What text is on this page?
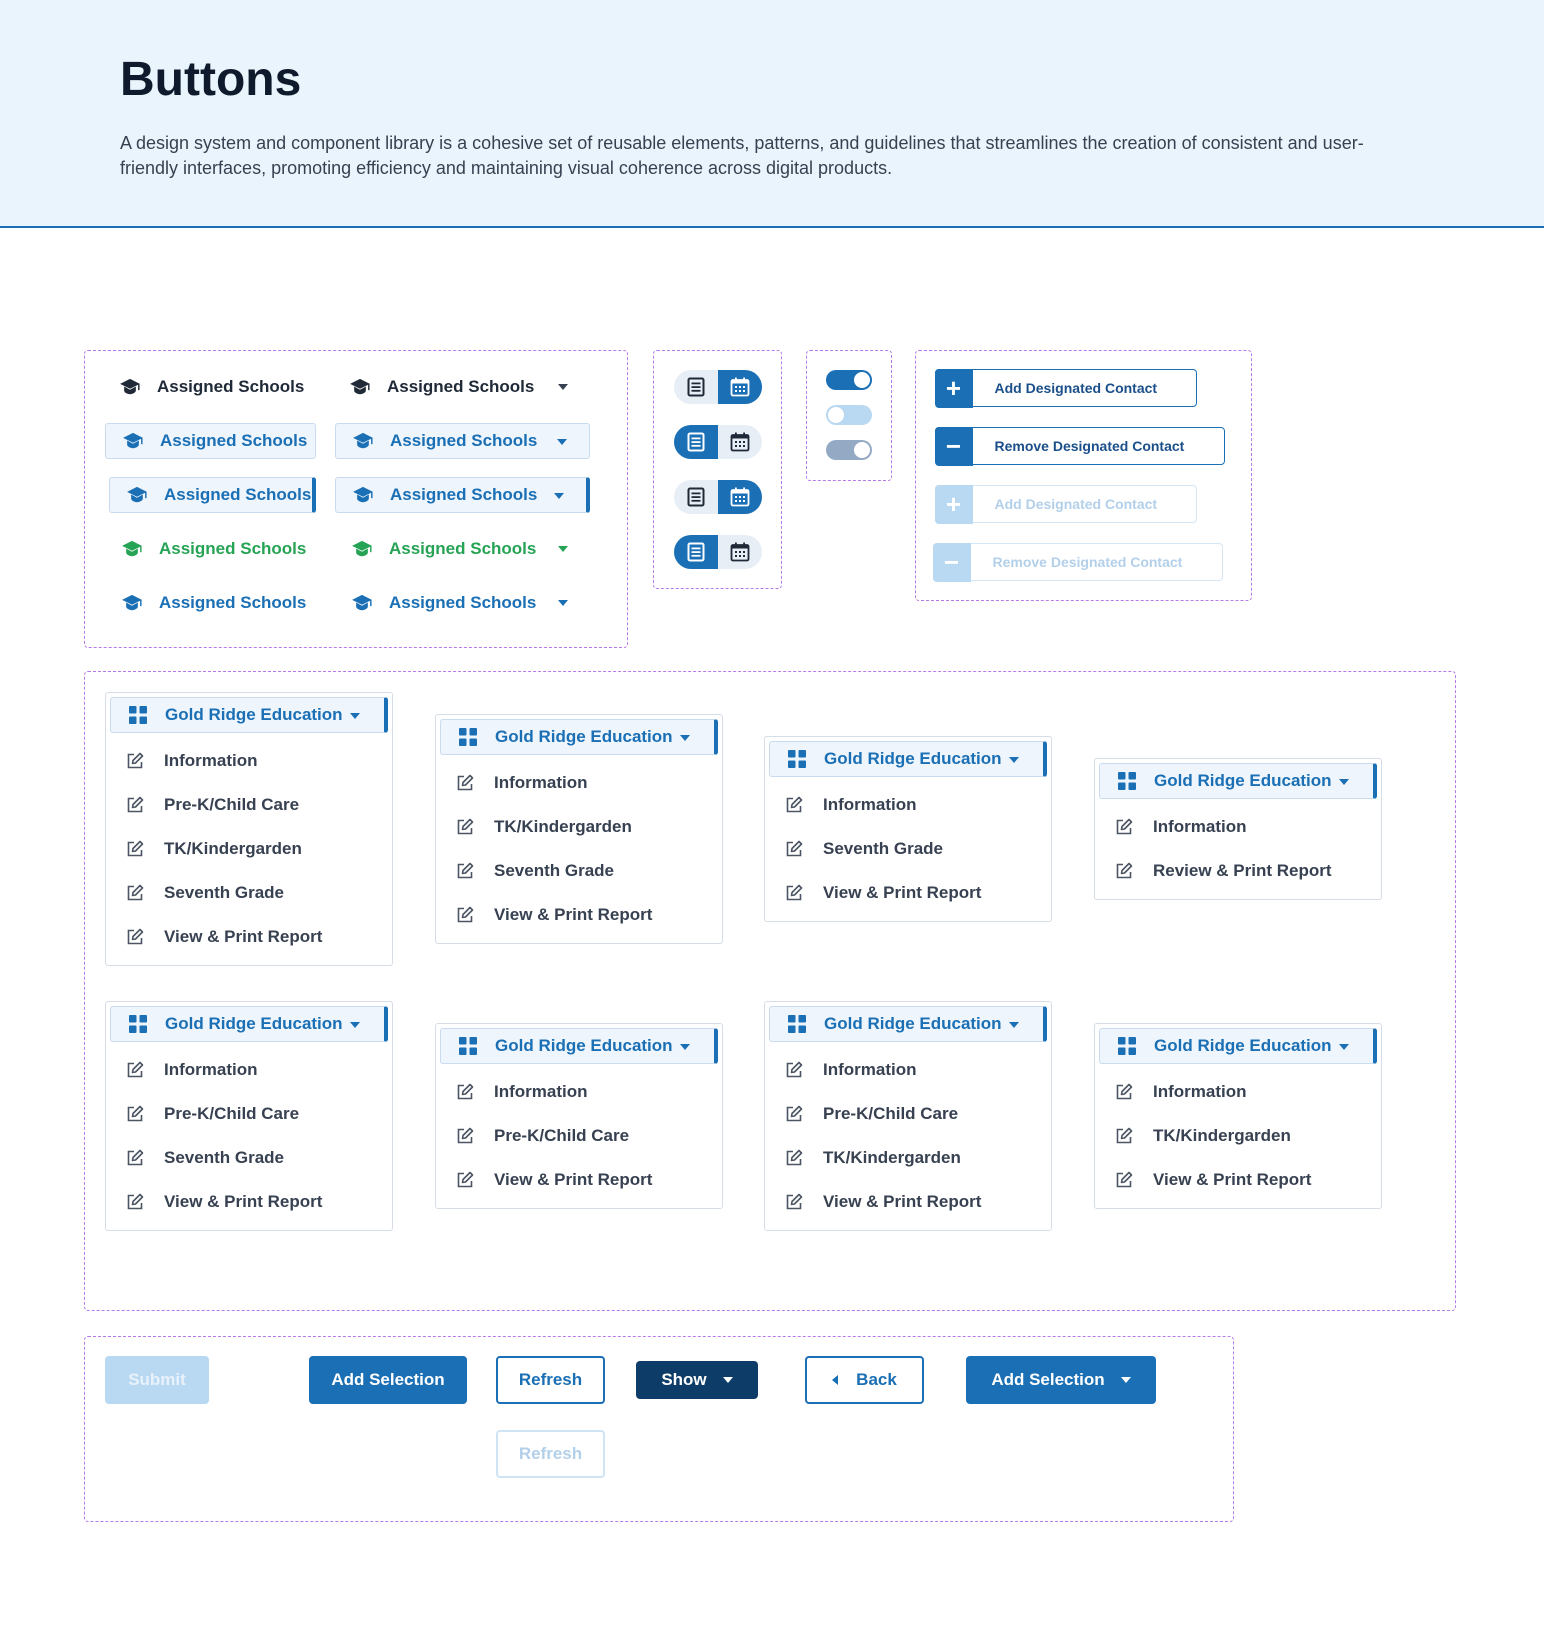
Buttons

A design system and component library is a cohesive set of reusable elements, patterns, and guidelines that streamlines the creation of consistent and user-friendly interfaces, promoting efficiency and maintaining visual coherence across digital products.

Assigned Schools	Assigned Schools
Assigned Schools	Assigned Schools
Assigned Schools	Assigned Schools
Assigned Schools	Assigned Schools
Assigned Schools	Assigned Schools
+	Add Designated Contact
−	Remove Designated Contact
+	Add Designated Contact
−	Remove Designated Contact
Gold Ridge Education
Information
Pre-K/Child Care
TK/Kindergarden
Seventh Grade
View & Print Report
Gold Ridge Education
Information
TK/Kindergarden
Seventh Grade
View & Print Report
Gold Ridge Education
Information
Seventh Grade
View & Print Report
Gold Ridge Education
Information
Review & Print Report
Gold Ridge Education
Information
Pre-K/Child Care
Seventh Grade
View & Print Report
Gold Ridge Education
Information
Pre-K/Child Care
View & Print Report
Gold Ridge Education
Information
Pre-K/Child Care
TK/Kindergarden
View & Print Report
Gold Ridge Education
Information
TK/Kindergarden
View & Print Report
Submit	Add Selection	Refresh	Show	Back	Add Selection
Refresh
